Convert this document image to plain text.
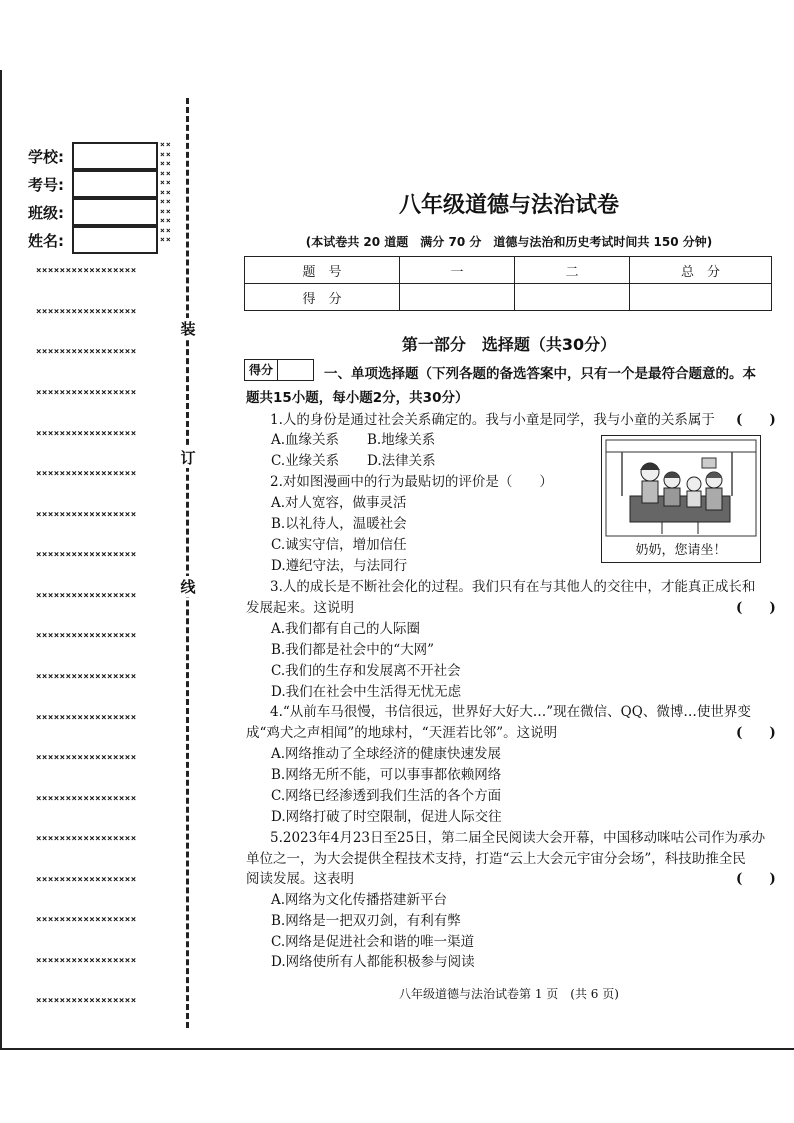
学校:
考号:
班级:
姓名:
××
××
××
××
××
××
××
××
××
××
××
×××××××××××××××××
×××××××××××××××××
×××××××××××××××××
×××××××××××××××××
×××××××××××××××××
×××××××××××××××××
×××××××××××××××××
×××××××××××××××××
×××××××××××××××××
×××××××××××××××××
×××××××××××××××××
×××××××××××××××××
×××××××××××××××××
×××××××××××××××××
×××××××××××××××××
×××××××××××××××××
×××××××××××××××××
×××××××××××××××××
×××××××××××××××××
装
订
线
八年级道德与法治试卷
(本试卷共 20 道题　满分 70 分　道德与法治和历史考试时间共 150 分钟)
题　号	一	二	总　分
得　分			
第一部分　选择题（共30分）
得分	一、单项选择题（下列各题的备选答案中，只有一个是最符合题意的。本
题共15小题，每小题2分，共30分）
1.人的身份是通过社会关系确定的。我与小童是同学，我与小童的关系属于 (　　)
A.血缘关系 B.地缘关系
C.业缘关系 D.法律关系
2.对如图漫画中的行为最贴切的评价是（　　）
A.对人宽容，做事灵活
B.以礼待人，温暖社会
C.诚实守信，增加信任
D.遵纪守法，与法同行
奶奶，您请坐！
3.人的成长是不断社会化的过程。我们只有在与其他人的交往中，才能真正成长和
发展起来。这说明	(　　)
A.我们都有自己的人际圈
B.我们都是社会中的“大网”
C.我们的生存和发展离不开社会
D.我们在社会中生活得无忧无虑
4.“从前车马很慢，书信很远，世界好大好大…”现在微信、QQ、微博…使世界变
成“鸡犬之声相闻”的地球村，“天涯若比邻”。这说明	(　　)
A.网络推动了全球经济的健康快速发展
B.网络无所不能，可以事事都依赖网络
C.网络已经渗透到我们生活的各个方面
D.网络打破了时空限制，促进人际交往
5.2023年4月23日至25日，第二届全民阅读大会开幕，中国移动咪咕公司作为承办
单位之一，为大会提供全程技术支持，打造“云上大会元宇宙分会场”，科技助推全民
阅读发展。这表明	(　　)
A.网络为文化传播搭建新平台
B.网络是一把双刃剑，有利有弊
C.网络是促进社会和谐的唯一渠道
D.网络使所有人都能积极参与阅读
八年级道德与法治试卷第 1 页　(共 6 页)
